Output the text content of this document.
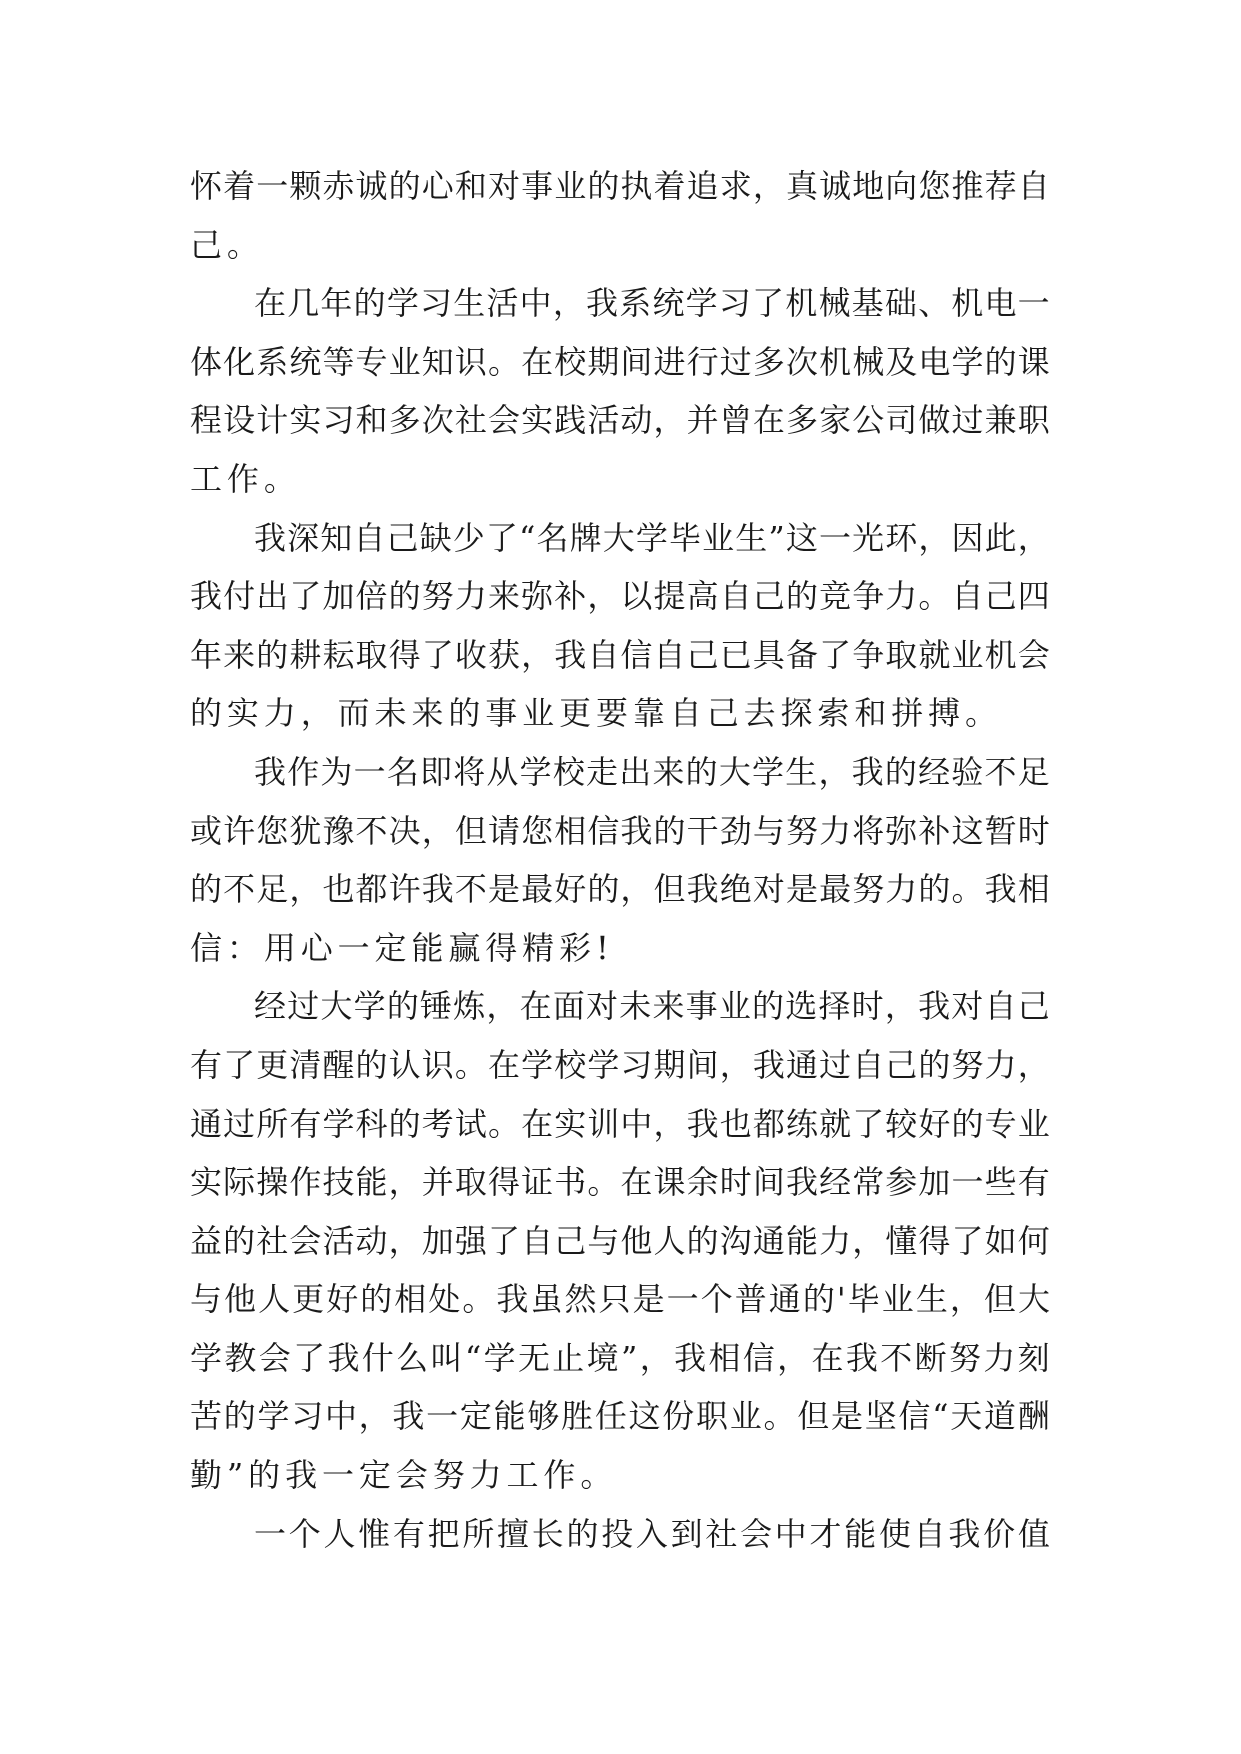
怀 着 一 颗 赤 诚 的 心 和 对 事 业 的 执 着 追 求 ， 真 诚 地 向 您 推 荐 自
己 。
在 几 年 的 学 习 生 活 中 ， 我 系 统 学 习 了 机 械 基 础 、 机 电 一
体 化 系 统 等 专 业 知 识 。 在 校 期 间 进 行 过 多 次 机 械 及 电 学 的 课
程 设 计 实 习 和 多 次 社 会 实 践 活 动 ， 并 曾 在 多 家 公 司 做 过 兼 职
工 作 。
我 深 知 自 己 缺 少 了 “ 名 牌 大 学 毕 业 生 ” 这 一 光 环 ， 因 此 ，
我 付 出 了 加 倍 的 努 力 来 弥 补 ， 以 提 高 自 己 的 竞 争 力 。 自 己 四
年 来 的 耕 耘 取 得 了 收 获 ， 我 自 信 自 己 已 具 备 了 争 取 就 业 机 会
的 实 力 ， 而 未 来 的 事 业 更 要 靠 自 己 去 探 索 和 拼 搏 。
我 作 为 一 名 即 将 从 学 校 走 出 来 的 大 学 生 ， 我 的 经 验 不 足
或 许 您 犹 豫 不 决 ， 但 请 您 相 信 我 的 干 劲 与 努 力 将 弥 补 这 暂 时
的 不 足 ， 也 都 许 我 不 是 最 好 的 ， 但 我 绝 对 是 最 努 力 的 。 我 相
信 ： 用 心 一 定 能 赢 得 精 彩 !
经 过 大 学 的 锤 炼 ， 在 面 对 未 来 事 业 的 选 择 时 ， 我 对 自 己
有 了 更 清 醒 的 认 识 。 在 学 校 学 习 期 间 ， 我 通 过 自 己 的 努 力 ，
通 过 所 有 学 科 的 考 试 。 在 实 训 中 ， 我 也 都 练 就 了 较 好 的 专 业
实 际 操 作 技 能 ， 并 取 得 证 书 。 在 课 余 时 间 我 经 常 参 加 一 些 有
益 的 社 会 活 动 ， 加 强 了 自 己 与 他 人 的 沟 通 能 力 ， 懂 得 了 如 何
与 他 人 更 好 的 相 处 。 我 虽 然 只 是 一 个 普 通 的 ' 毕 业 生 ， 但 大
学 教 会 了 我 什 么 叫 “ 学 无 止 境 ” ， 我 相 信 ， 在 我 不 断 努 力 刻
苦 的 学 习 中 ， 我 一 定 能 够 胜 任 这 份 职 业 。 但 是 坚 信 “ 天 道 酬
勤 ” 的 我 一 定 会 努 力 工 作 。
一 个 人 惟 有 把 所 擅 长 的 投 入 到 社 会 中 才 能 使 自 我 价 值
